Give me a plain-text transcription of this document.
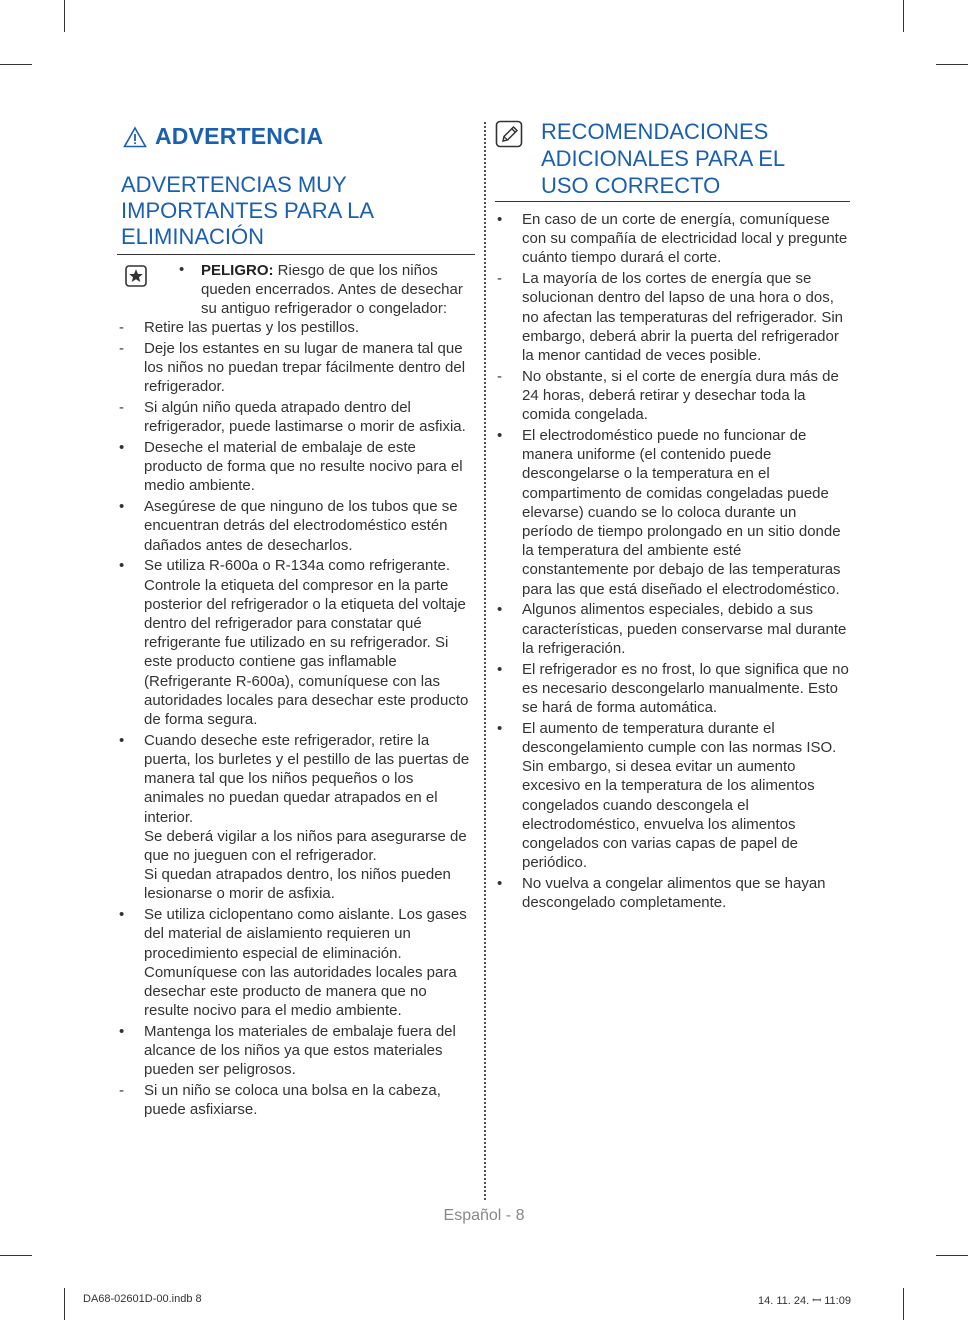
ADVERTENCIA
ADVERTENCIAS MUY IMPORTANTES PARA LA ELIMINACIÓN
•	PELIGRO: Riesgo de que los niños queden encerrados. Antes de desechar su antiguo refrigerador o congelador:
-	Retire las puertas y los pestillos.
-	Deje los estantes en su lugar de manera tal que los niños no puedan trepar fácilmente dentro del refrigerador.
-	Si algún niño queda atrapado dentro del refrigerador, puede lastimarse o morir de asfixia.
•	Deseche el material de embalaje de este producto de forma que no resulte nocivo para el medio ambiente.
•	Asegúrese de que ninguno de los tubos que se encuentran detrás del electrodoméstico estén dañados antes de desecharlos.
•	Se utiliza R-600a o R-134a como refrigerante. Controle la etiqueta del compresor en la parte posterior del refrigerador o la etiqueta del voltaje dentro del refrigerador para constatar qué refrigerante fue utilizado en su refrigerador. Si este producto contiene gas inflamable (Refrigerante R-600a), comuníquese con las autoridades locales para desechar este producto de forma segura.
•	Cuando deseche este refrigerador, retire la puerta, los burletes y el pestillo de las puertas de manera tal que los niños pequeños o los animales no puedan quedar atrapados en el interior.
Se deberá vigilar a los niños para asegurarse de que no jueguen con el refrigerador.
Si quedan atrapados dentro, los niños pueden lesionarse o morir de asfixia.
•	Se utiliza ciclopentano como aislante. Los gases del material de aislamiento requieren un procedimiento especial de eliminación. Comuníquese con las autoridades locales para desechar este producto de manera que no resulte nocivo para el medio ambiente.
•	Mantenga los materiales de embalaje fuera del alcance de los niños ya que estos materiales pueden ser peligrosos.
-	Si un niño se coloca una bolsa en la cabeza, puede asfixiarse.
RECOMENDACIONES ADICIONALES PARA EL USO CORRECTO
•	En caso de un corte de energía, comuníquese con su compañía de electricidad local y pregunte cuánto tiempo durará el corte.
-	La mayoría de los cortes de energía que se solucionan dentro del lapso de una hora o dos, no afectan las temperaturas del refrigerador. Sin embargo, deberá abrir la puerta del refrigerador la menor cantidad de veces posible.
-	No obstante, si el corte de energía dura más de 24 horas, deberá retirar y desechar toda la comida congelada.
•	El electrodoméstico puede no funcionar de manera uniforme (el contenido puede descongelarse o la temperatura en el compartimento de comidas congeladas puede elevarse) cuando se lo coloca durante un período de tiempo prolongado en un sitio donde la temperatura del ambiente esté constantemente por debajo de las temperaturas para las que está diseñado el electrodoméstico.
•	Algunos alimentos especiales, debido a sus características, pueden conservarse mal durante la refrigeración.
•	El refrigerador es no frost, lo que significa que no es necesario descongelarlo manualmente. Esto se hará de forma automática.
•	El aumento de temperatura durante el descongelamiento cumple con las normas ISO. Sin embargo, si desea evitar un aumento excesivo en la temperatura de los alimentos congelados cuando descongela el electrodoméstico, envuelva los alimentos congelados con varias capas de papel de periódico.
•	No vuelva a congelar alimentos que se hayan descongelado completamente.
Español - 8
DA68-02601D-00.indb 8	14. 11. 24. ꟷ 11:09
